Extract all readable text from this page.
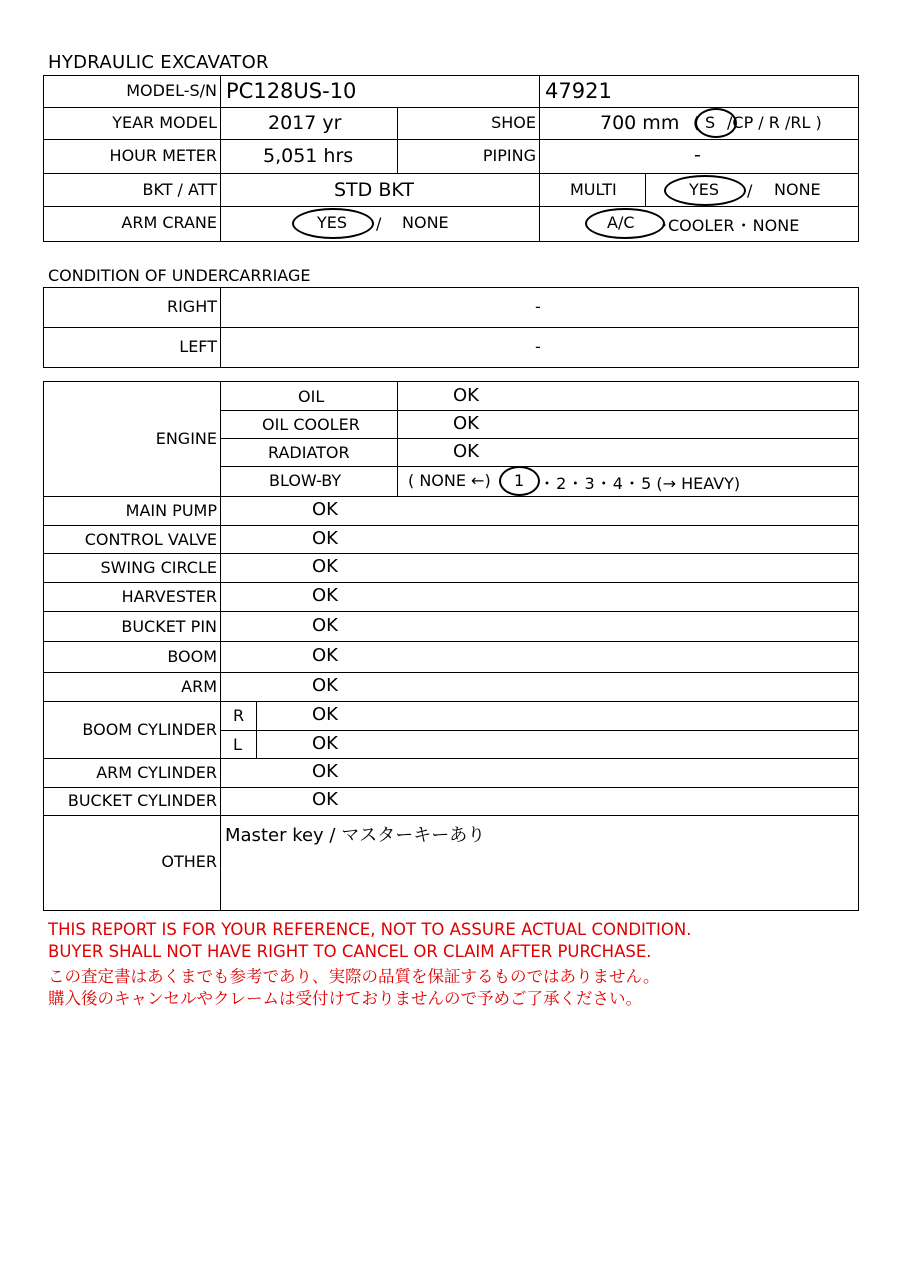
HYDRAULIC EXCAVATOR
MODEL-S/N PC128US-10	47921
YEAR MODEL	2017 yr	SHOE	700 mm ( S /CP / R /RL )
HOUR METER 5,051 hrs	PIPING	-
BKT / ATT	STD BKT	MULTI	YES / NONE
ARM CRANE	YES / NONE	A/C ･COOLER ･ NONE
CONDITION OF UNDERCARRIAGE
RIGHT	-
LEFT	-
ENGINE
OIL	OK
OIL COOLER	OK
RADIATOR	OK
BLOW-BY	( NONE ←) 1 ･ 2 ･ 3 ･ 4 ･ 5 (→ HEAVY)
MAIN PUMP	OK
CONTROL VALVE	OK
SWING CIRCLE	OK
HARVESTER	OK
BUCKET PIN	OK
BOOM	OK
ARM	OK
BOOM CYLINDER
R	OK
L	OK
ARM CYLINDER	OK
BUCKET CYLINDER	OK
OTHER
Master key / マスターキーあり
THIS REPORT IS FOR YOUR REFERENCE, NOT TO ASSURE ACTUAL CONDITION.
BUYER SHALL NOT HAVE RIGHT TO CANCEL OR CLAIM AFTER PURCHASE.
この査定書はあくまでも参考であり、実際の品質を保証するものではありません。
購入後のキャンセルやクレームは受付けておりませんので予めご了承ください。
